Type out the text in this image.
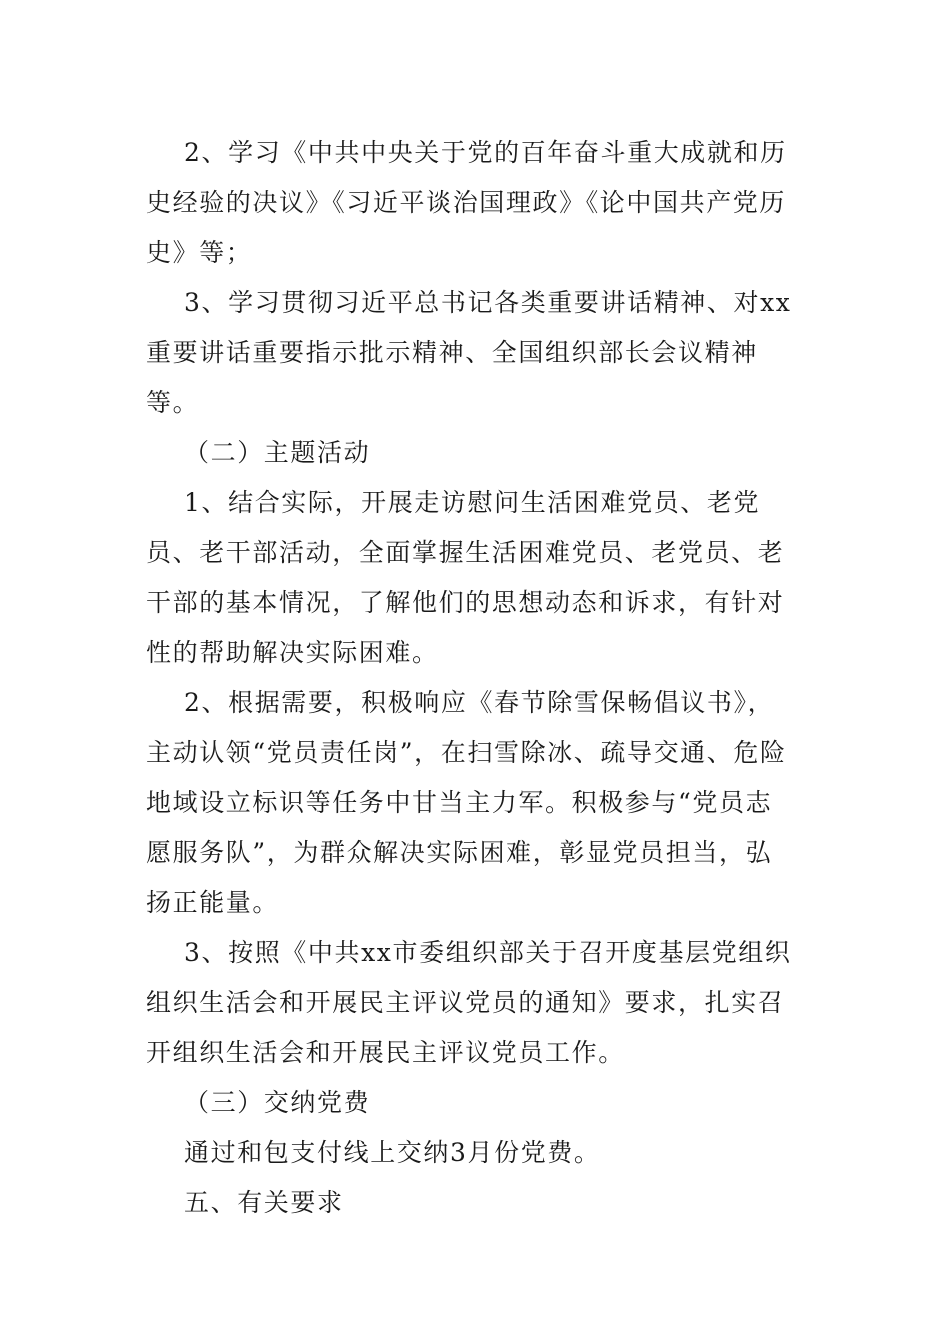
2、学习《中共中央关于党的百年奋斗重大成就和历史经验的决议》《习近平谈治国理政》《论中国共产党历史》等；

3、学习贯彻习近平总书记各类重要讲话精神、对xx重要讲话重要指示批示精神、全国组织部长会议精神等。

（二）主题活动

1、结合实际，开展走访慰问生活困难党员、老党员、老干部活动，全面掌握生活困难党员、老党员、老干部的基本情况，了解他们的思想动态和诉求，有针对性的帮助解决实际困难。

2、根据需要，积极响应《春节除雪保畅倡议书》，主动认领“党员责任岗”，在扫雪除冰、疏导交通、危险地域设立标识等任务中甘当主力军。积极参与“党员志愿服务队”，为群众解决实际困难，彰显党员担当，弘扬正能量。

3、按照《中共xx市委组织部关于召开度基层党组织组织生活会和开展民主评议党员的通知》要求，扎实召开组织生活会和开展民主评议党员工作。

（三）交纳党费

通过和包支付线上交纳3月份党费。

五、有关要求
